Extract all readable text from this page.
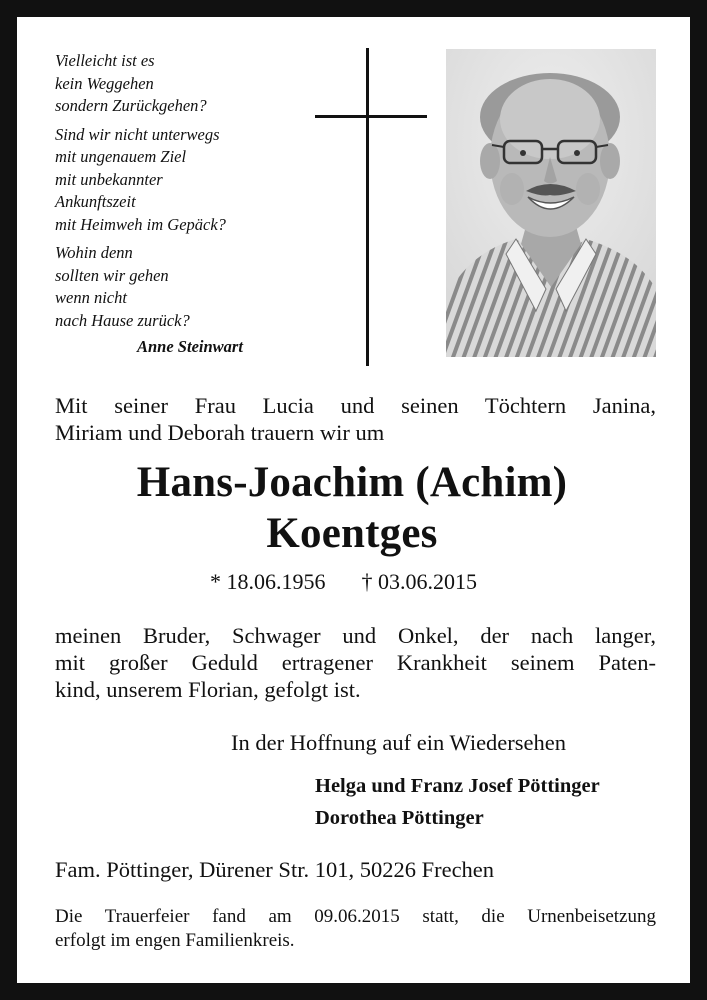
Vielleicht ist es
kein Weggehen
sondern Zurückgehen?
Sind wir nicht unterwegs
mit ungenauem Ziel
mit unbekannter
Ankunftszeit
mit Heimweh im Gepäck?
Wohin denn
sollten wir gehen
wenn nicht
nach Hause zurück?
Anne Steinwart
Mit seiner Frau Lucia und seinen Töchtern Janina,
Miriam und Deborah trauern wir um
Hans-Joachim (Achim)
Koentges
* 18.06.1956 † 03.06.2015
meinen Bruder, Schwager und Onkel, der nach langer,
mit großer Geduld ertragener Krankheit seinem Paten-
kind, unserem Florian, gefolgt ist.
In der Hoffnung auf ein Wiedersehen
Helga und Franz Josef Pöttinger
Dorothea Pöttinger
Fam. Pöttinger, Dürener Str. 101, 50226 Frechen
Die Trauerfeier fand am 09.06.2015 statt, die Urnenbeisetzung
erfolgt im engen Familienkreis.
